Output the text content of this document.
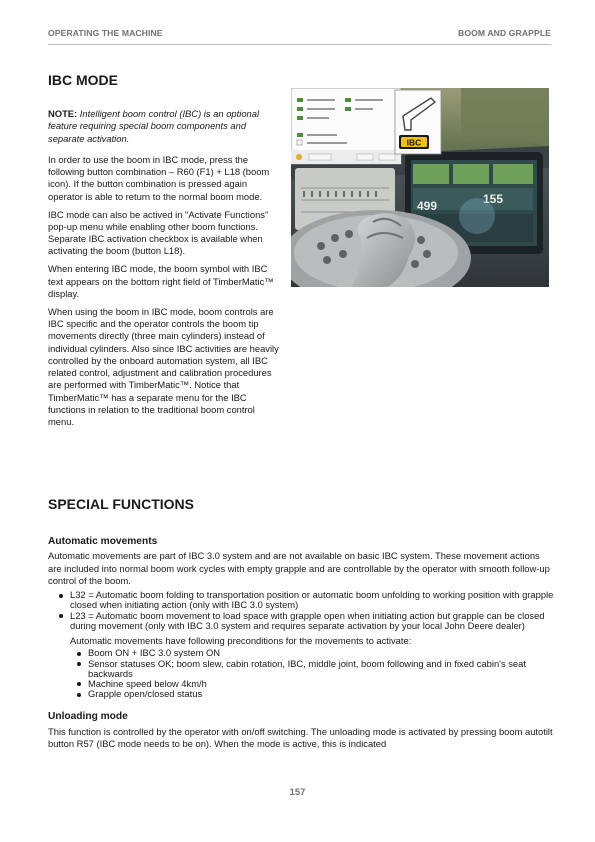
OPERATING THE MACHINE	BOOM AND GRAPPLE
IBC MODE

NOTE: Intelligent boom control (IBC) is an optional feature requiring special boom components and separate activation.

In order to use the boom in IBC mode, press the following button combination – R60 (F1) + L18 (boom icon). If the button combination is pressed again operator is able to return to the normal boom mode.

IBC mode can also be actived in "Activate Functions" pop-up menu while enabling other boom functions. Separate IBC activation checkbox is available when activating the boom (button L18).

When entering IBC mode, the boom symbol with IBC text appears on the bottom right field of TimberMatic™ display.

When using the boom in IBC mode, boom controls are IBC specific and the operator controls the boom tip movements directly (three main cylinders) instead of individual cylinders. Also since IBC activities are heavily controlled by the onboard automation system, all IBC related control, adjustment and calibration procedures are performed with TimberMatic™. Notice that TimberMatic™ has a separate menu for the IBC functions in relation to the traditional boom control menu.

499	155
IBC
SPECIAL FUNCTIONS
Automatic movements

Automatic movements are part of IBC 3.0 system and are not available on basic IBC system. These movement actions are included into normal boom work cycles with empty grapple and are controllable by the operator with smooth follow-up control of the boom.

L32 = Automatic boom folding to transportation position or automatic boom unfolding to working position with grapple closed when initiating action (only with IBC 3.0 system)
L23 = Automatic boom movement to load space with grapple open when initiating action but grapple can be closed during movement (only with IBC 3.0 system and requires separate activation by your local John Deere dealer)

Automatic movements have following preconditions for the movements to activate:

Boom ON + IBC 3.0 system ON
Sensor statuses OK; boom slew, cabin rotation, IBC, middle joint, boom following and in fixed cabin's seat backwards
Machine speed below 4km/h
Grapple open/closed status
Unloading mode

This function is controlled by the operator with on/off switching. The unloading mode is activated by pressing boom autotilt button R57 (IBC mode needs to be on). When the mode is active, this is indicated

157
